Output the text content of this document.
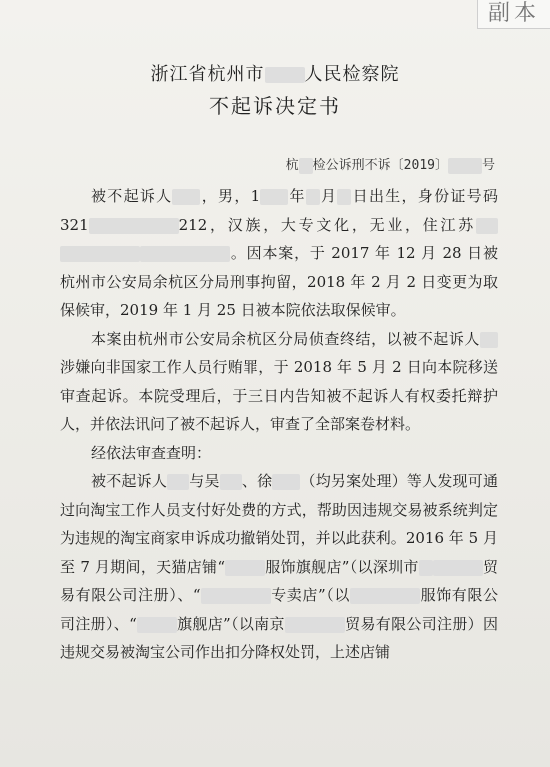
副本
浙江省杭州市 人民检察院
不起诉决定书
杭 检公诉刑不诉〔2019〕	号

被不起诉人 ，男，1 年 月 日出生，身份证号码321	212，汉族，大专文化，无业，住江苏。因本案，于 2017 年 12 月 28 日被杭州市公安局余杭区分局刑事拘留，2018 年 2 月 2 日变更为取保候审，2019 年 1 月 25 日被本院依法取保候审。

本案由杭州市公安局余杭区分局侦查终结，以被不起诉人涉嫌向非国家工作人员行贿罪，于 2018 年 5 月 2 日向本院移送审查起诉。本院受理后，于三日内告知被不起诉人有权委托辩护人，并依法讯问了被不起诉人，审查了全部案卷材料。

经依法审查查明：

被不起诉人 与吴 、徐 （均另案处理）等人发现可通过向淘宝工作人员支付好处费的方式，帮助因违规交易被系统判定为违规的淘宝商家申诉成功撤销处罚，并以此获利。2016 年 5 月至 7 月期间，天猫店铺“	服饰旗舰店”（以深圳市	贸易有限公司注册）、“	专卖店”（以	服饰有限公司注册）、“	旗舰店”（以南京	贸易有限公司注册）因违规交易被淘宝公司作出扣分降权处罚，上述店铺
